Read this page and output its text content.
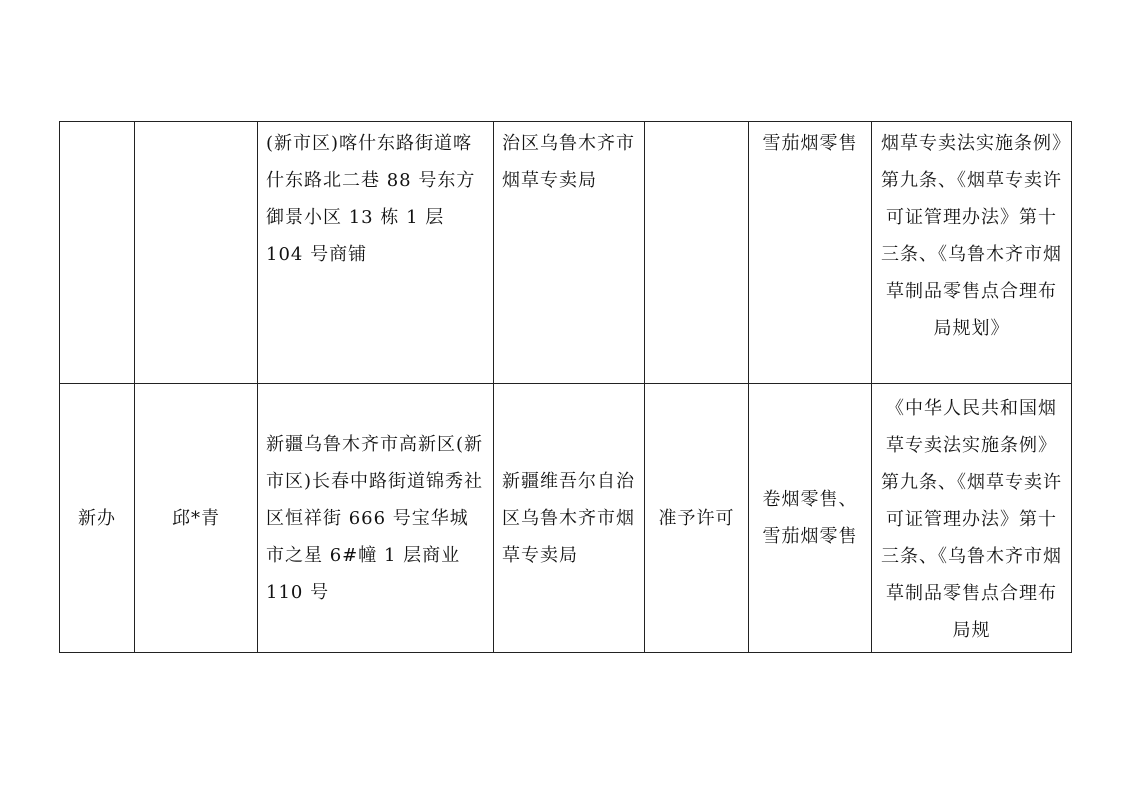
		(新市区)喀什东路街道喀什东路北二巷 88 号东方御景小区 13 栋 1 层 104 号商铺	治区乌鲁木齐市烟草专卖局		雪茄烟零售	烟草专卖法实施条例》第九条、《烟草专卖许可证管理办法》第十三条、《乌鲁木齐市烟草制品零售点合理布局规划》

新办	邱*青	新疆乌鲁木齐市高新区(新市区)长春中路街道锦秀社区恒祥街 666 号宝华城市之星 6#幢 1 层商业 110 号	新疆维吾尔自治区乌鲁木齐市烟草专卖局	准予许可	卷烟零售、雪茄烟零售	《中华人民共和国烟草专卖法实施条例》第九条、《烟草专卖许可证管理办法》第十三条、《乌鲁木齐市烟草制品零售点合理布局规
